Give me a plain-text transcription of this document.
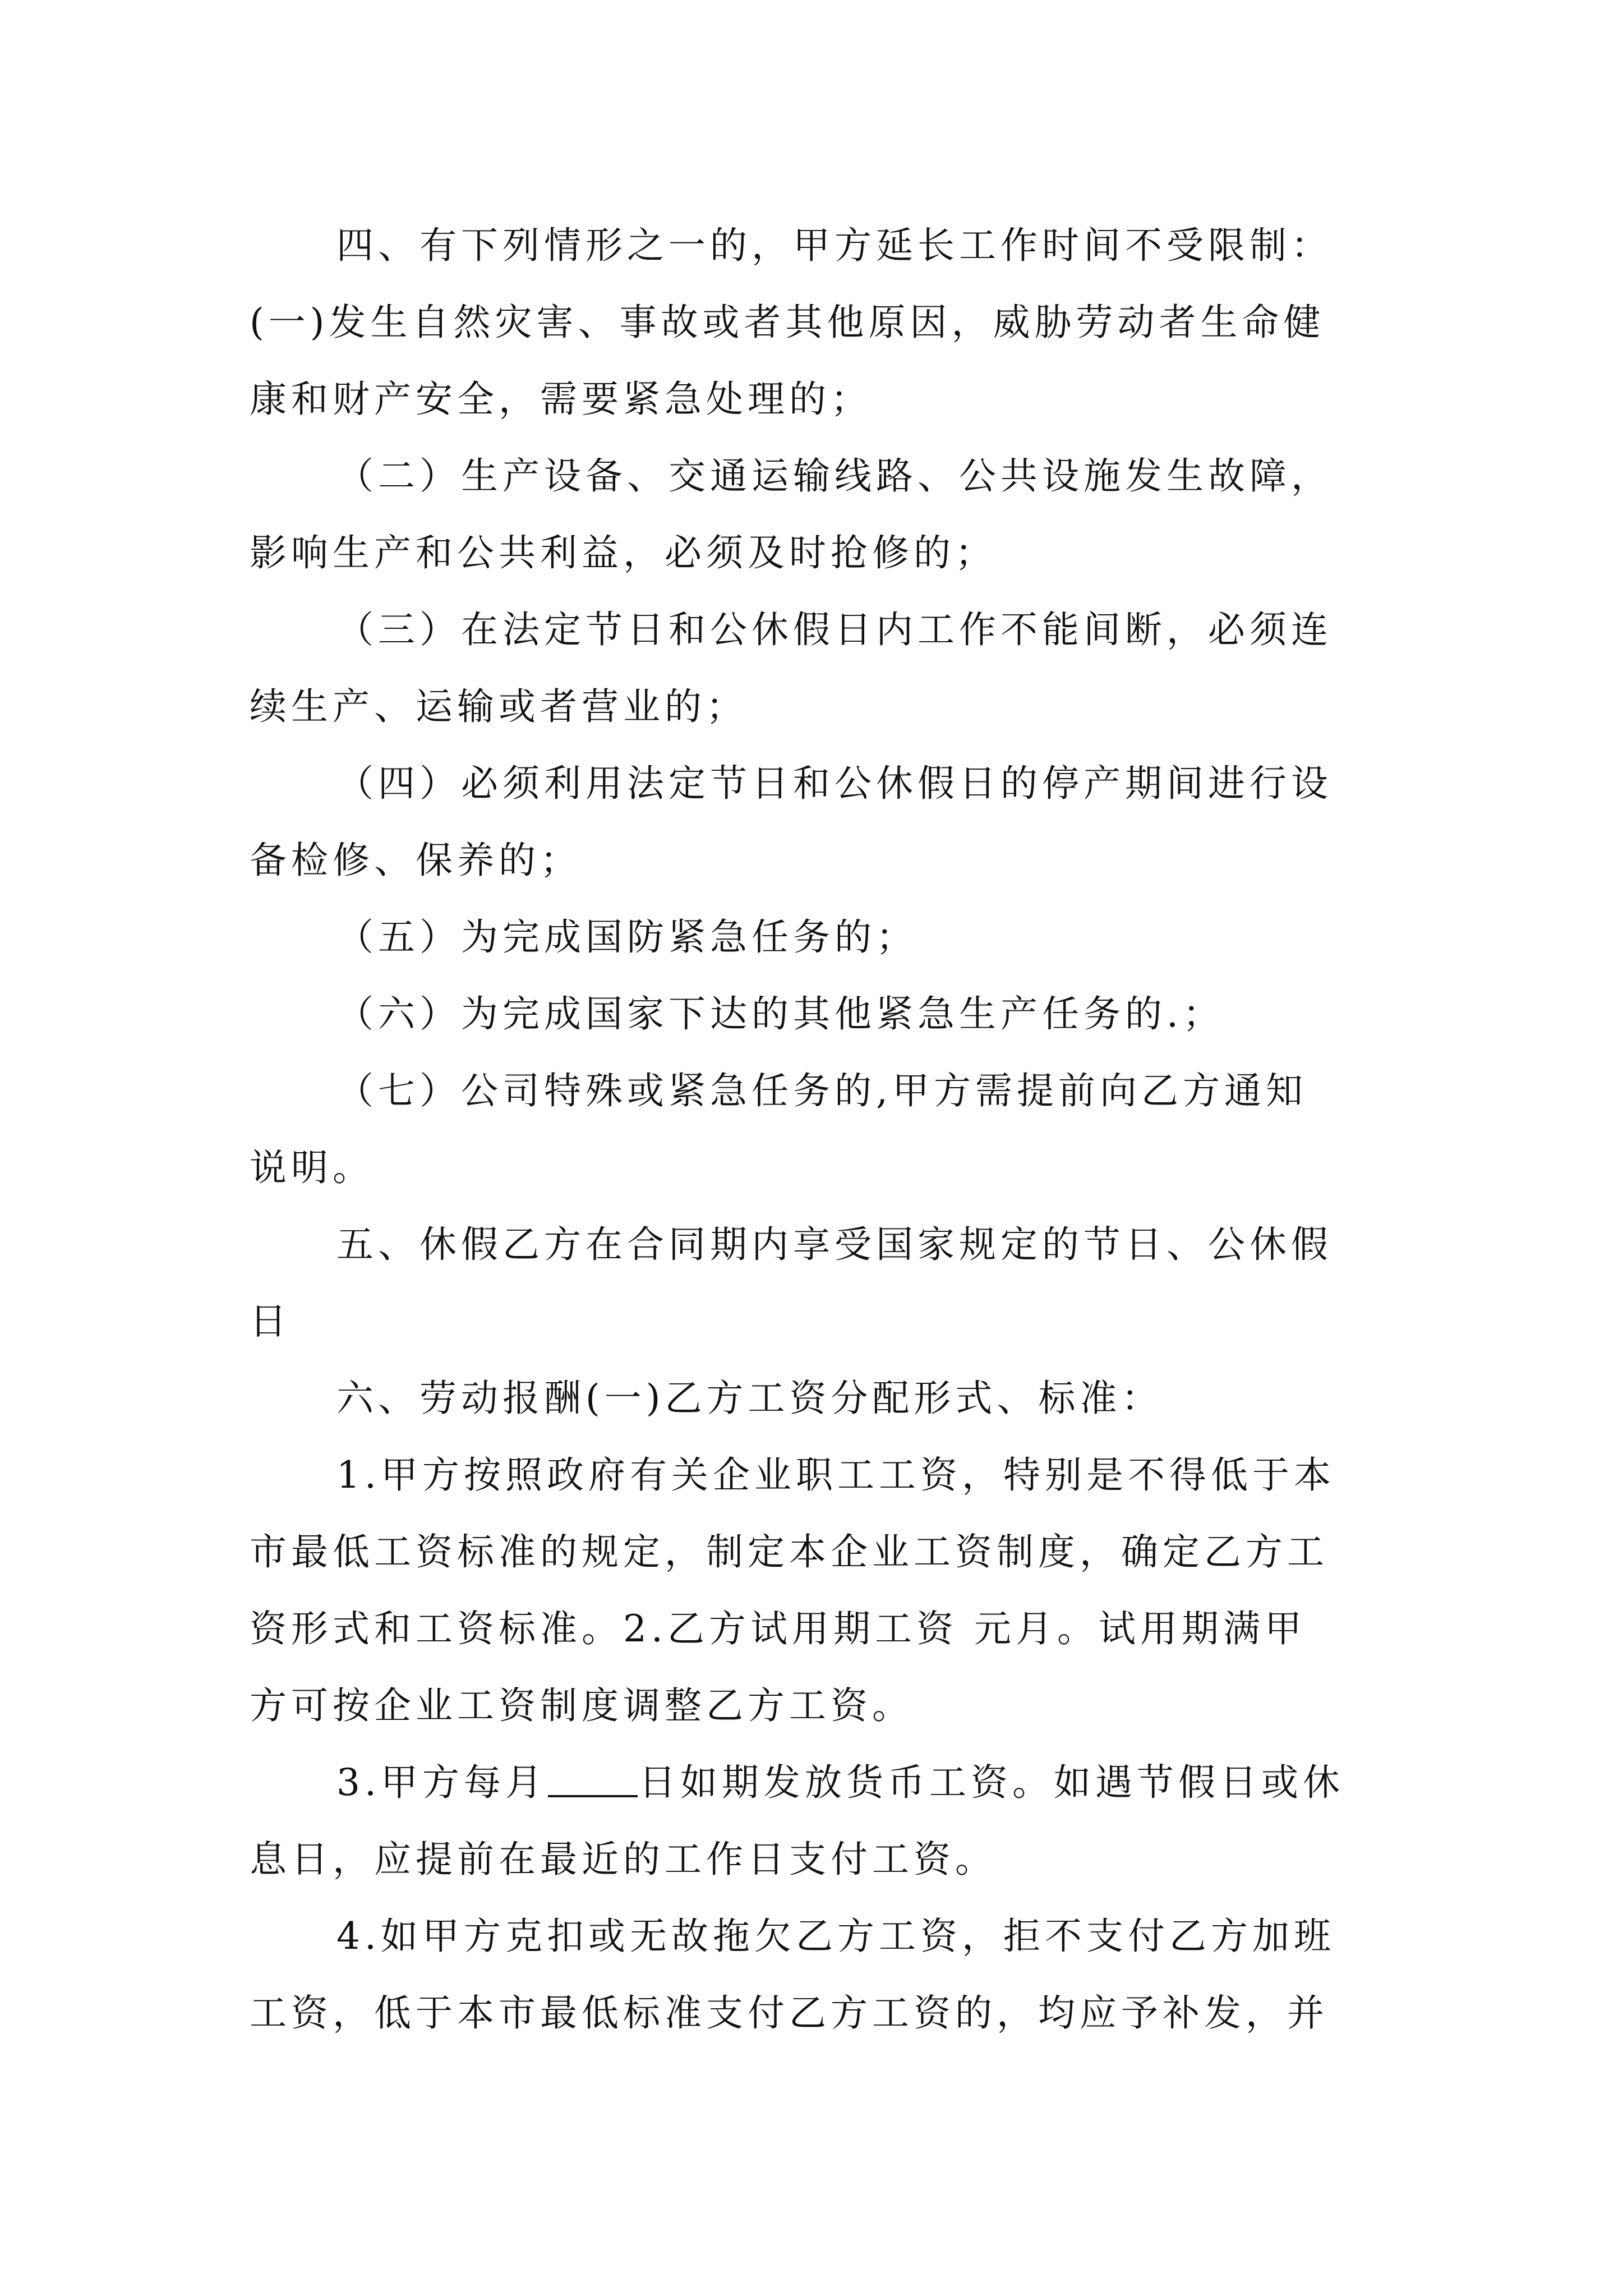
四、有下列情形之一的，甲方延长工作时间不受限制：
(一)发生自然灾害、事故或者其他原因，威胁劳动者生命健
康和财产安全，需要紧急处理的；
（二）生产设备、交通运输线路、公共设施发生故障，
影响生产和公共利益，必须及时抢修的；
（三）在法定节日和公休假日内工作不能间断，必须连
续生产、运输或者营业的；
（四）必须利用法定节日和公休假日的停产期间进行设
备检修、保养的；
（五）为完成国防紧急任务的；
（六）为完成国家下达的其他紧急生产任务的.；
（七）公司特殊或紧急任务的,甲方需提前向乙方通知
说明。
五、休假乙方在合同期内享受国家规定的节日、公休假
日
六、劳动报酬(一)乙方工资分配形式、标准：
1.甲方按照政府有关企业职工工资，特别是不得低于本
市最低工资标准的规定，制定本企业工资制度，确定乙方工
资形式和工资标准。2.乙方试用期工资 元月。试用期满甲
方可按企业工资制度调整乙方工资。
3.甲方每月 日如期发放货币工资。如遇节假日或休
息日，应提前在最近的工作日支付工资。
4.如甲方克扣或无故拖欠乙方工资，拒不支付乙方加班
工资，低于本市最低标准支付乙方工资的，均应予补发，并
